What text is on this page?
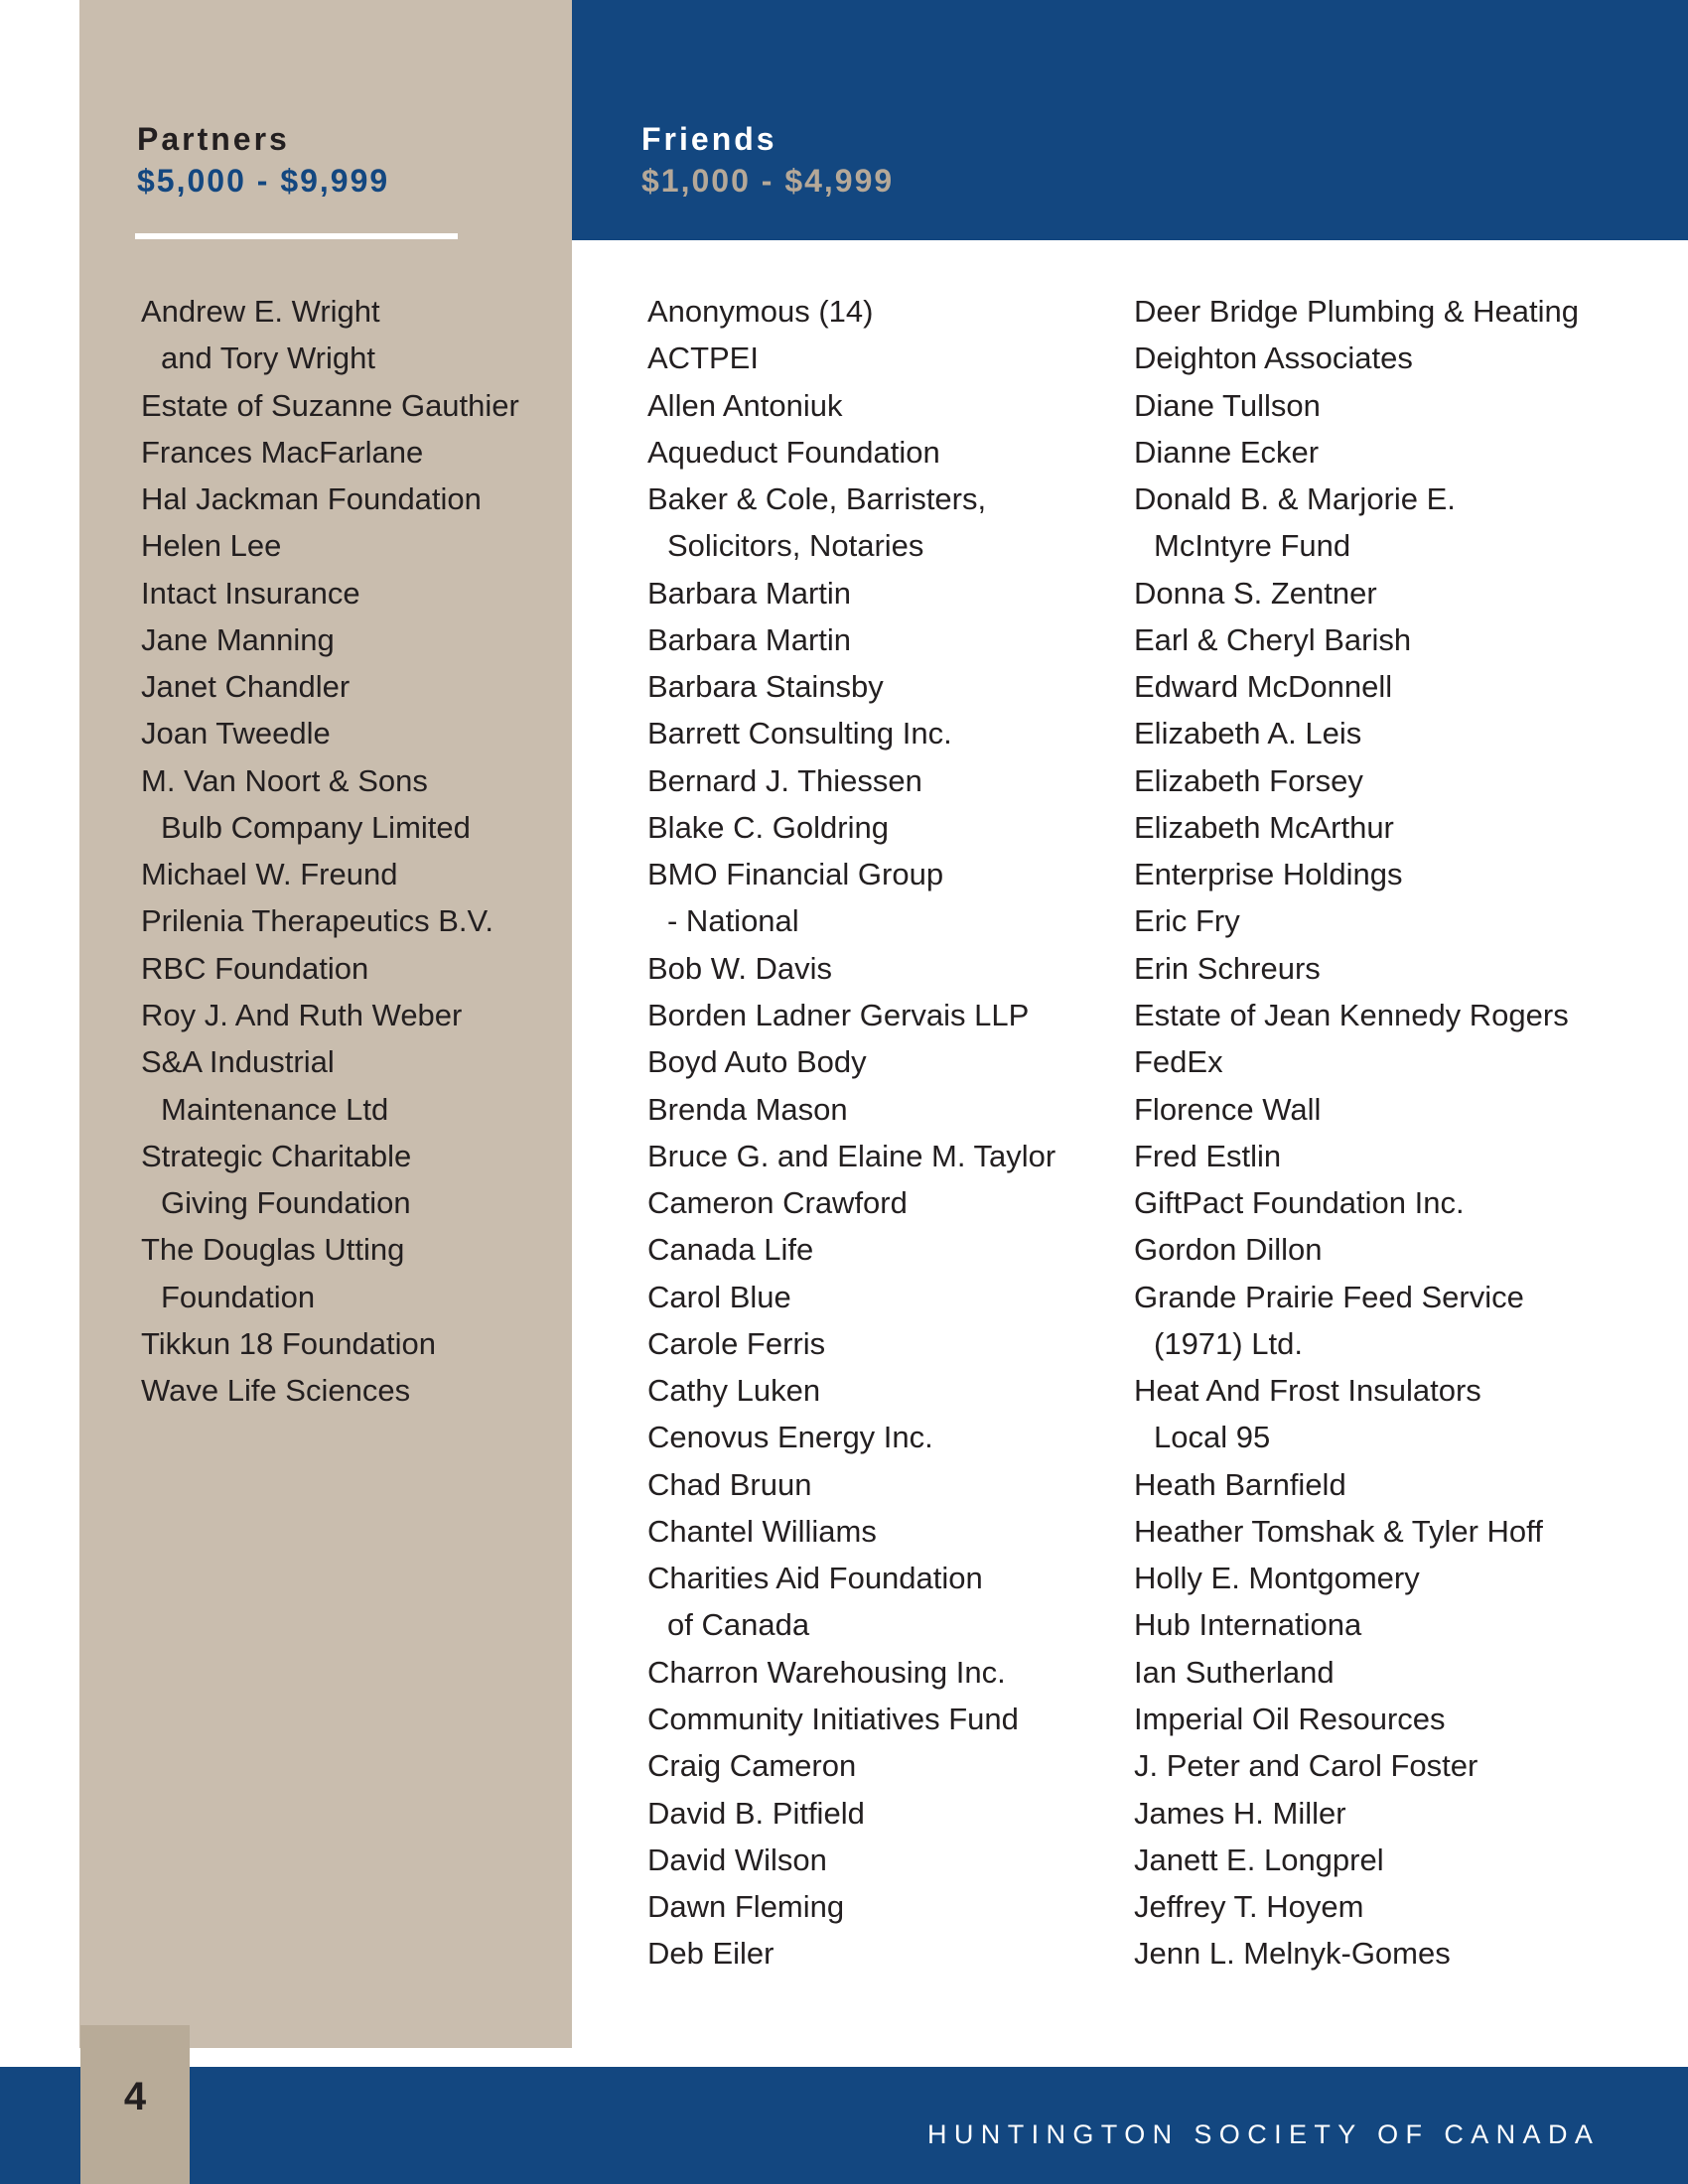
Partners
$5,000 - $9,999
Friends
$1,000 - $4,999
Andrew E. Wright
and Tory Wright
Estate of Suzanne Gauthier
Frances MacFarlane
Hal Jackman Foundation
Helen Lee
Intact Insurance
Jane Manning
Janet Chandler
Joan Tweedle
M. Van Noort & Sons
Bulb Company Limited
Michael W. Freund
Prilenia Therapeutics B.V.
RBC Foundation
Roy J. And Ruth Weber
S&A Industrial
Maintenance Ltd
Strategic Charitable
Giving Foundation
The Douglas Utting
Foundation
Tikkun 18 Foundation
Wave Life Sciences
Anonymous (14)
ACTPEI
Allen Antoniuk
Aqueduct Foundation
Baker & Cole, Barristers,
Solicitors, Notaries
Barbara Martin
Barbara Martin
Barbara Stainsby
Barrett Consulting Inc.
Bernard J. Thiessen
Blake C. Goldring
BMO Financial Group
- National
Bob W. Davis
Borden Ladner Gervais LLP
Boyd Auto Body
Brenda Mason
Bruce G. and Elaine M. Taylor
Cameron Crawford
Canada Life
Carol Blue
Carole Ferris
Cathy Luken
Cenovus Energy Inc.
Chad Bruun
Chantel Williams
Charities Aid Foundation
of Canada
Charron Warehousing Inc.
Community Initiatives Fund
Craig Cameron
David B. Pitfield
David Wilson
Dawn Fleming
Deb Eiler
Deer Bridge Plumbing & Heating
Deighton Associates
Diane Tullson
Dianne Ecker
Donald B. & Marjorie E.
McIntyre Fund
Donna S. Zentner
Earl & Cheryl Barish
Edward McDonnell
Elizabeth A. Leis
Elizabeth Forsey
Elizabeth McArthur
Enterprise Holdings
Eric Fry
Erin Schreurs
Estate of Jean Kennedy Rogers
FedEx
Florence Wall
Fred Estlin
GiftPact Foundation Inc.
Gordon Dillon
Grande Prairie Feed Service
(1971) Ltd.
Heat And Frost Insulators
Local 95
Heath Barnfield
Heather Tomshak & Tyler Hoff
Holly E. Montgomery
Hub Internationa
Ian Sutherland
Imperial Oil Resources
J. Peter and Carol Foster
James H. Miller
Janett E. Longprel
Jeffrey T. Hoyem
Jenn L. Melnyk-Gomes
HUNTINGTON SOCIETY OF CANADA
4
